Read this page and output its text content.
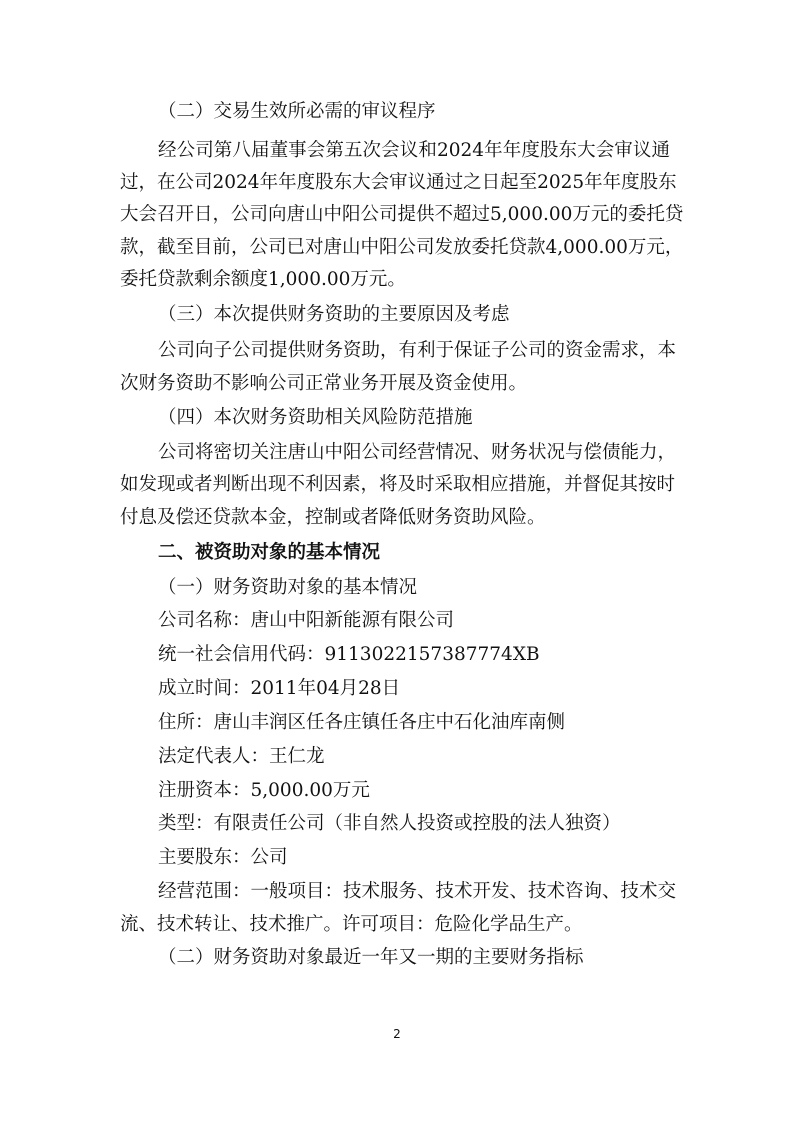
（二）交易生效所必需的审议程序
经公司第八届董事会第五次会议和2024年年度股东大会审议通
过，在公司2024年年度股东大会审议通过之日起至2025年年度股东
大会召开日，公司向唐山中阳公司提供不超过5,000.00万元的委托贷
款，截至目前，公司已对唐山中阳公司发放委托贷款4,000.00万元，
委托贷款剩余额度1,000.00万元。
（三）本次提供财务资助的主要原因及考虑
公司向子公司提供财务资助，有利于保证子公司的资金需求，本
次财务资助不影响公司正常业务开展及资金使用。
（四）本次财务资助相关风险防范措施
公司将密切关注唐山中阳公司经营情况、财务状况与偿债能力，
如发现或者判断出现不利因素，将及时采取相应措施，并督促其按时
付息及偿还贷款本金，控制或者降低财务资助风险。
二、被资助对象的基本情况
（一）财务资助对象的基本情况
公司名称：唐山中阳新能源有限公司
统一社会信用代码：9113022157387774XB
成立时间：2011年04月28日
住所：唐山丰润区任各庄镇任各庄中石化油库南侧
法定代表人：王仁龙
注册资本：5,000.00万元
类型：有限责任公司（非自然人投资或控股的法人独资）
主要股东：公司
经营范围：一般项目：技术服务、技术开发、技术咨询、技术交
流、技术转让、技术推广。许可项目：危险化学品生产。
（二）财务资助对象最近一年又一期的主要财务指标
2
